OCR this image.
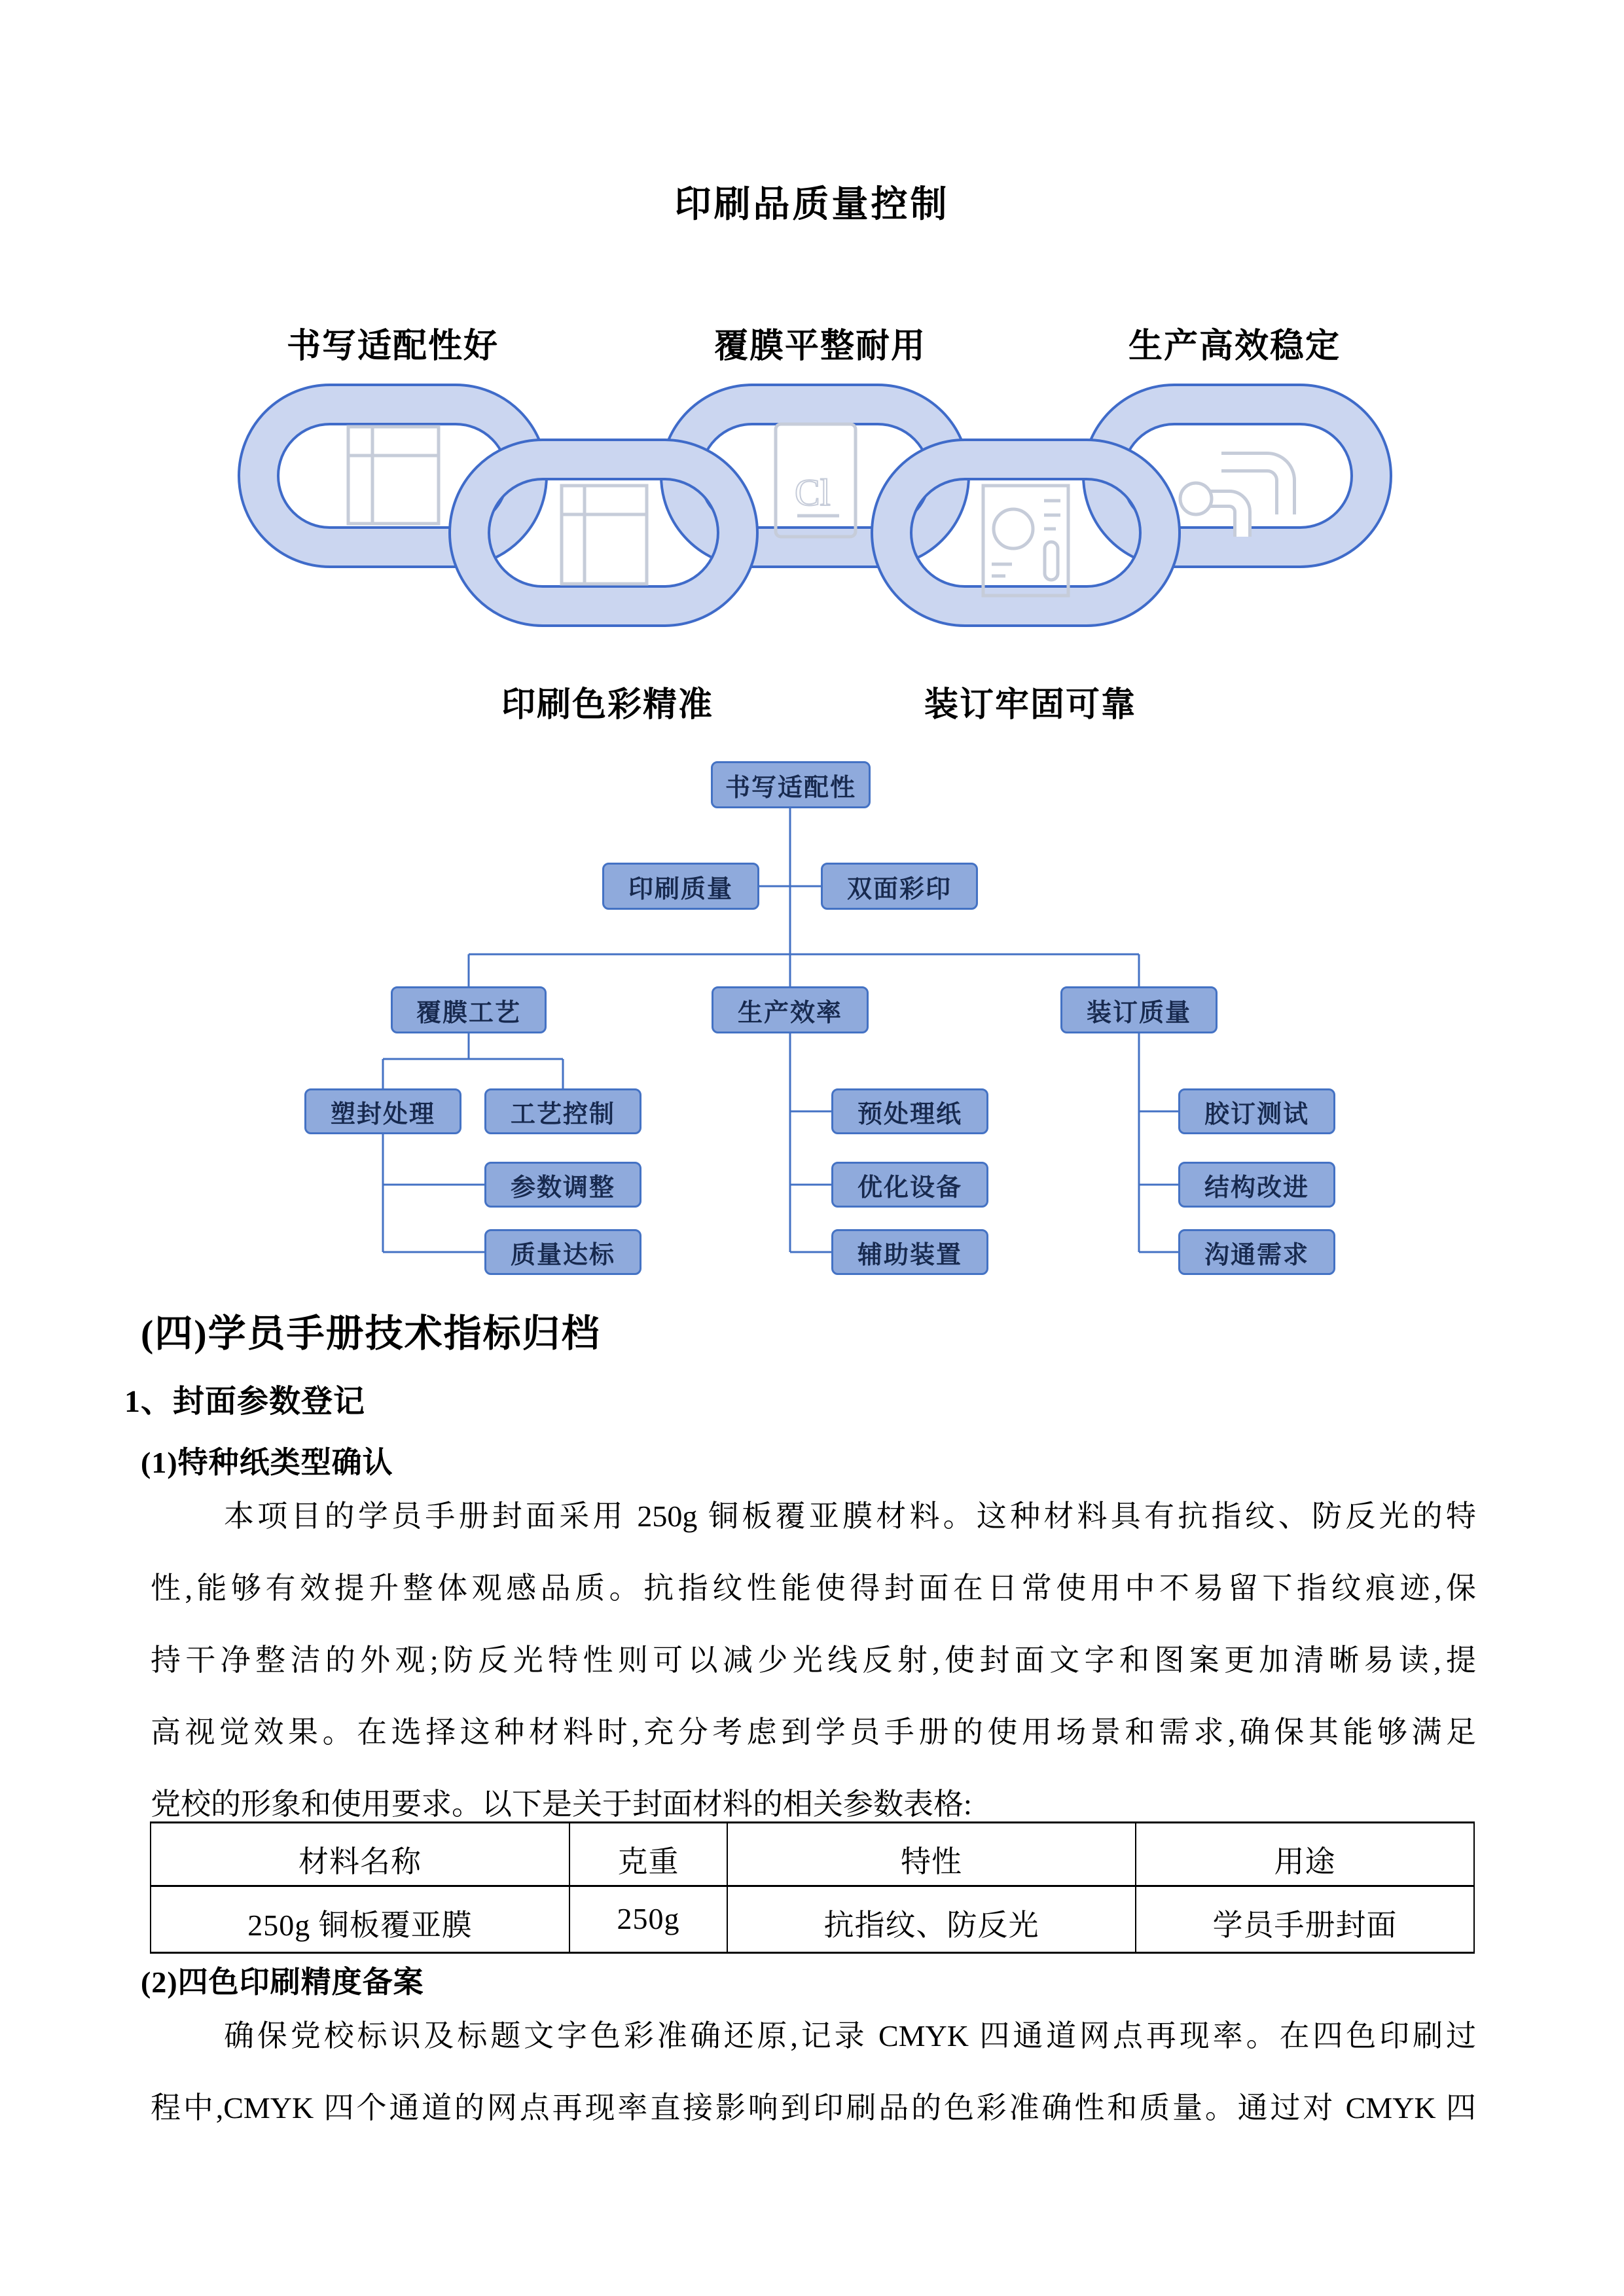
印刷品质量控制
书写适配性好	覆膜平整耐用	生产高效稳定
Cl
印刷色彩精准	装订牢固可靠
书写适配性
印刷质量	双面彩印
覆膜工艺	生产效率	装订质量
塑封处理	工艺控制
参数调整
质量达标
预处理纸
优化设备
辅助装置
胶订测试
结构改进
沟通需求
(四)学员手册技术指标归档
1、封面参数登记
(1)特种纸类型确认
本项目的学员手册封面采用 250g 铜板覆亚膜材料。这种材料具有抗指纹、防反光的特
性,能够有效提升整体观感品质。抗指纹性能使得封面在日常使用中不易留下指纹痕迹,保
持干净整洁的外观;防反光特性则可以减少光线反射,使封面文字和图案更加清晰易读,提
高视觉效果。在选择这种材料时,充分考虑到学员手册的使用场景和需求,确保其能够满足
党校的形象和使用要求。以下是关于封面材料的相关参数表格:
材料名称	克重	特性	用途
250g 铜板覆亚膜	250g	抗指纹、防反光	学员手册封面
(2)四色印刷精度备案
确保党校标识及标题文字色彩准确还原,记录 CMYK 四通道网点再现率。在四色印刷过
程中,CMYK 四个通道的网点再现率直接影响到印刷品的色彩准确性和质量。通过对 CMYK 四
